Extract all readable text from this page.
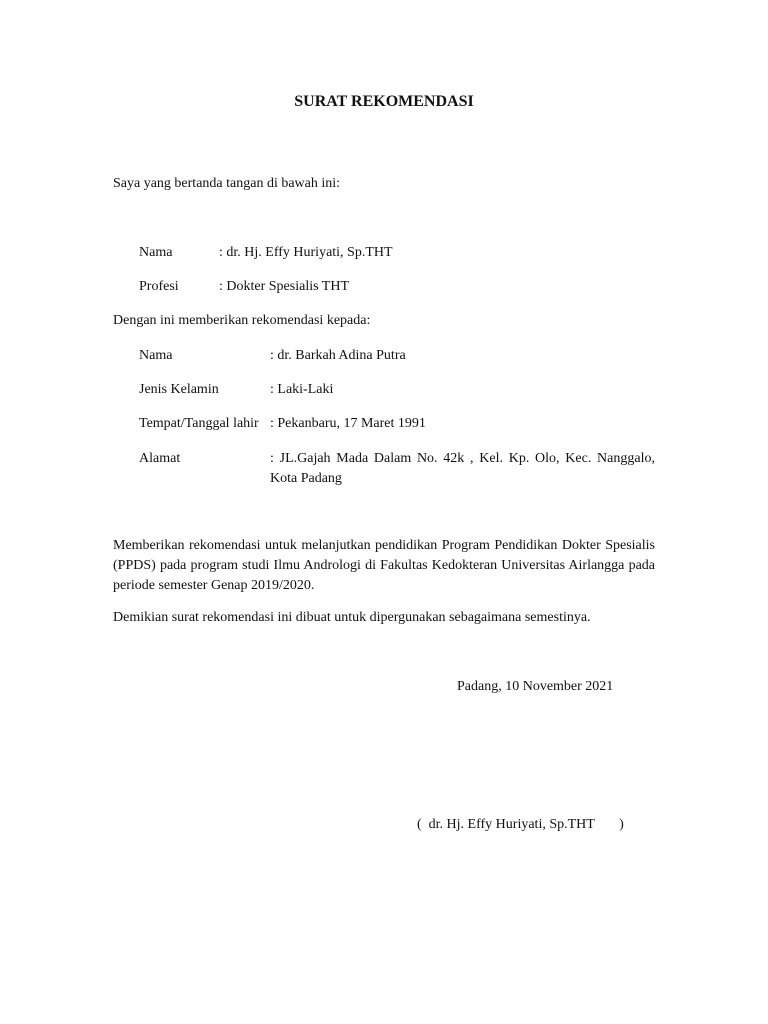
SURAT REKOMENDASI
Saya yang bertanda tangan di bawah ini:
Nama	: dr. Hj. Effy Huriyati, Sp.THT
Profesi	: Dokter Spesialis THT
Dengan ini memberikan rekomendasi kepada:
Nama	: dr. Barkah Adina Putra
Jenis Kelamin	: Laki-Laki
Tempat/Tanggal lahir : Pekanbaru, 17 Maret 1991
Alamat	: JL.Gajah Mada Dalam No. 42k , Kel. Kp. Olo, Kec. Nanggalo, Kota Padang
Memberikan rekomendasi untuk melanjutkan pendidikan Program Pendidikan Dokter Spesialis (PPDS) pada program studi Ilmu Andrologi di Fakultas Kedokteran Universitas Airlangga pada periode semester Genap 2019/2020.
Demikian surat rekomendasi ini dibuat untuk dipergunakan sebagaimana semestinya.
Padang, 10 November 2021
(  dr. Hj. Effy Huriyati, Sp.THT       )
